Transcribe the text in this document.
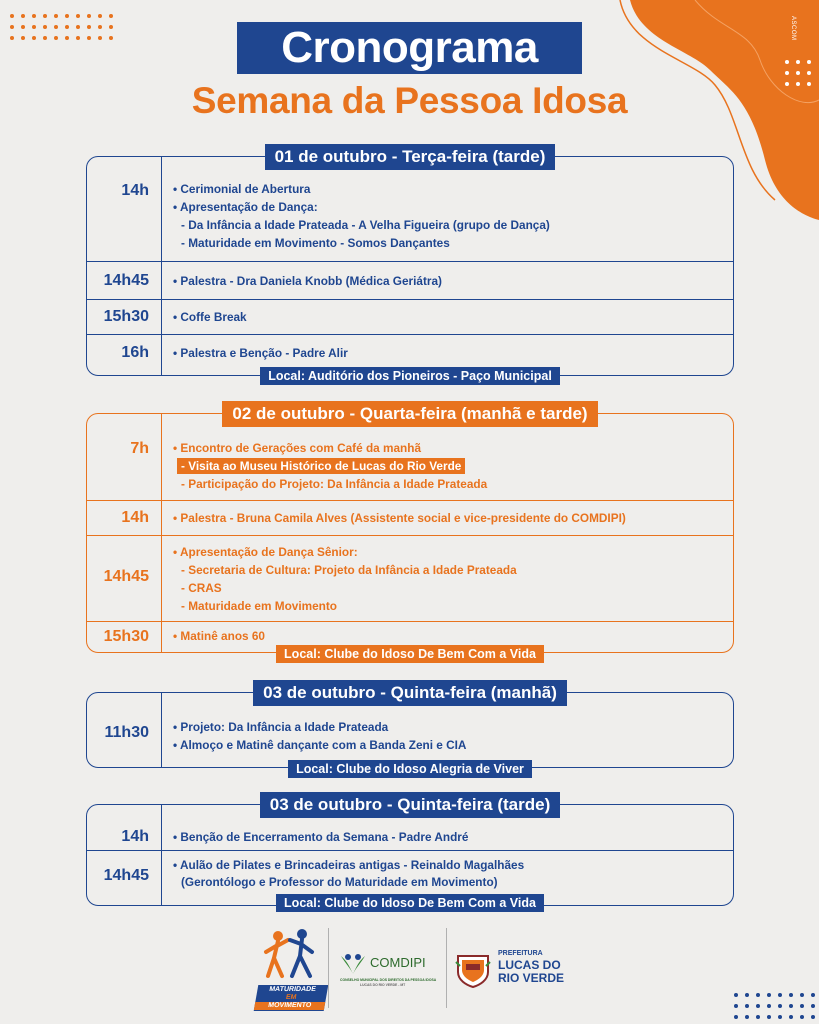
ASCOM
Cronograma
Semana da Pessoa Idosa
14h • Cerimonial de Abertura
• Apresentação de Dança:
- Da Infância a Idade Prateada - A Velha Figueira (grupo de Dança)
- Maturidade em Movimento - Somos Dançantes
14h45 • Palestra - Dra Daniela Knobb (Médica Geriátra)
15h30 • Coffe Break
16h • Palestra e Benção - Padre Alir
01 de outubro - Terça-feira (tarde)
Local: Auditório dos Pioneiros - Paço Municipal
7h • Encontro de Gerações com Café da manhã
- Visita ao Museu Histórico de Lucas do Rio Verde
- Participação do Projeto: Da Infância a Idade Prateada
14h • Palestra - Bruna Camila Alves (Assistente social e vice-presidente do COMDIPI)
14h45
• Apresentação de Dança Sênior:
- Secretaria de Cultura: Projeto da Infância a Idade Prateada
- CRAS
- Maturidade em Movimento
15h30 • Matinê anos 60
02 de outubro - Quarta-feira (manhã e tarde)
Local: Clube do Idoso De Bem Com a Vida
11h30 • Projeto: Da Infância a Idade Prateada
• Almoço e Matinê dançante com a Banda Zeni e CIA
03 de outubro - Quinta-feira (manhã)
Local: Clube do Idoso Alegria de Viver
14h • Benção de Encerramento da Semana - Padre André
14h45
• Aulão de Pilates e Brincadeiras antigas - Reinaldo Magalhães
(Gerontólogo e Professor do Maturidade em Movimento)
03 de outubro - Quinta-feira (tarde)
Local: Clube do Idoso De Bem Com a Vida
MATURIDADE
EM
MOVIMENTO
COMDIPI
CONSELHO MUNICIPAL DOS DIREITOS DA PESSOA IDOSA
LUCAS DO RIO VERDE - MT
PREFEITURA
LUCAS DO
RIO VERDE
